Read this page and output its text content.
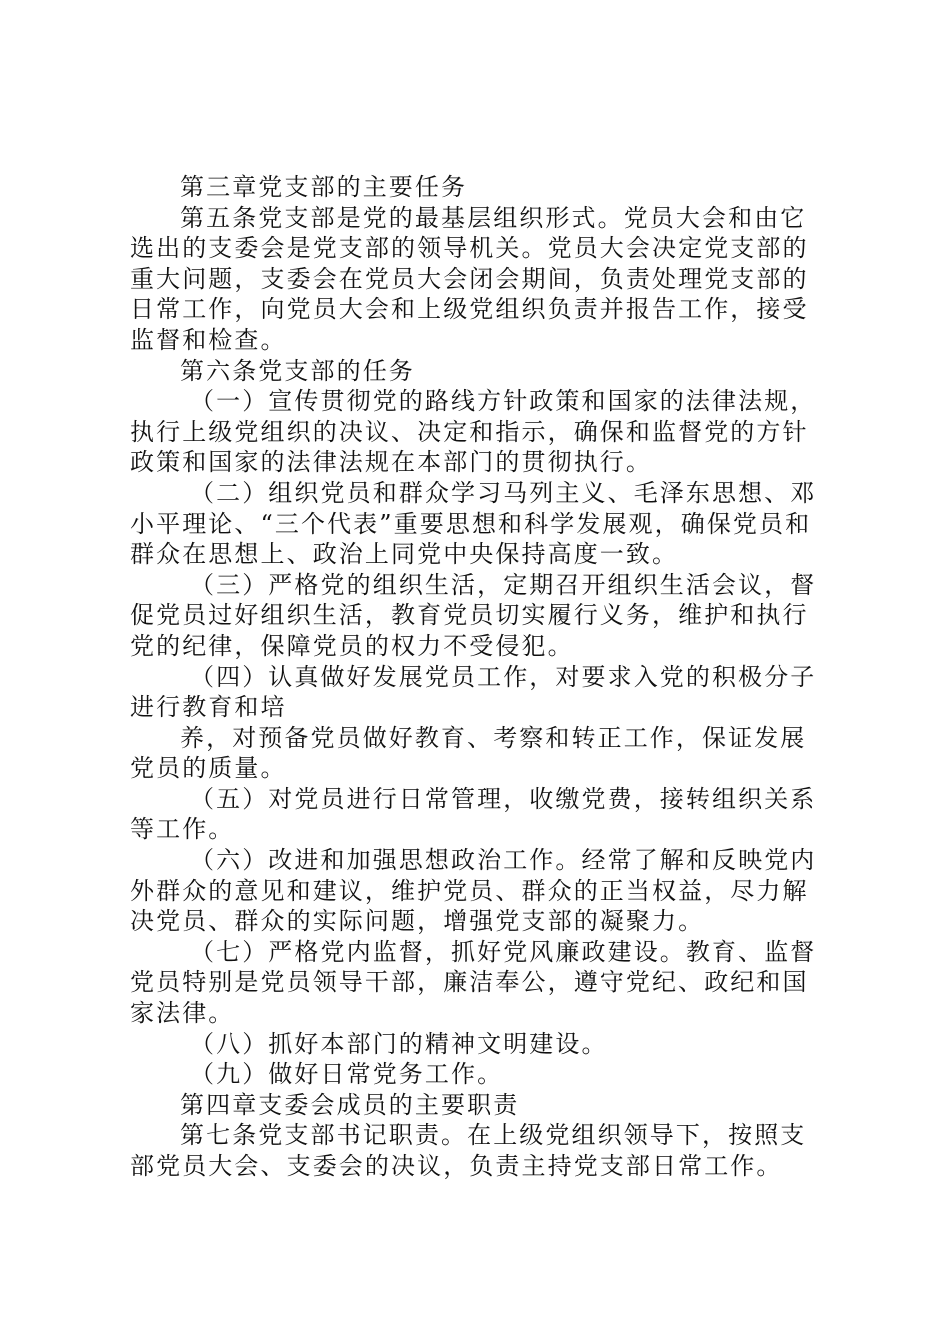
第三章党支部的主要任务

第五条党支部是党的最基层组织形式。党员大会和由它选出的支委会是党支部的领导机关。党员大会决定党支部的重大问题，支委会在党员大会闭会期间，负责处理党支部的日常工作，向党员大会和上级党组织负责并报告工作，接受监督和检查。

第六条党支部的任务

（一）宣传贯彻党的路线方针政策和国家的法律法规，执行上级党组织的决议、决定和指示，确保和监督党的方针政策和国家的法律法规在本部门的贯彻执行。

（二）组织党员和群众学习马列主义、毛泽东思想、邓小平理论、“三个代表”重要思想和科学发展观，确保党员和群众在思想上、政治上同党中央保持高度一致。

（三）严格党的组织生活，定期召开组织生活会议，督促党员过好组织生活，教育党员切实履行义务，维护和执行党的纪律，保障党员的权力不受侵犯。

（四）认真做好发展党员工作，对要求入党的积极分子进行教育和培

养，对预备党员做好教育、考察和转正工作，保证发展党员的质量。

（五）对党员进行日常管理，收缴党费，接转组织关系等工作。

（六）改进和加强思想政治工作。经常了解和反映党内外群众的意见和建议，维护党员、群众的正当权益，尽力解决党员、群众的实际问题，增强党支部的凝聚力。

（七）严格党内监督，抓好党风廉政建设。教育、监督党员特别是党员领导干部，廉洁奉公，遵守党纪、政纪和国家法律。

（八）抓好本部门的精神文明建设。

（九）做好日常党务工作。

第四章支委会成员的主要职责

第七条党支部书记职责。在上级党组织领导下，按照支部党员大会、支委会的决议，负责主持党支部日常工作。
